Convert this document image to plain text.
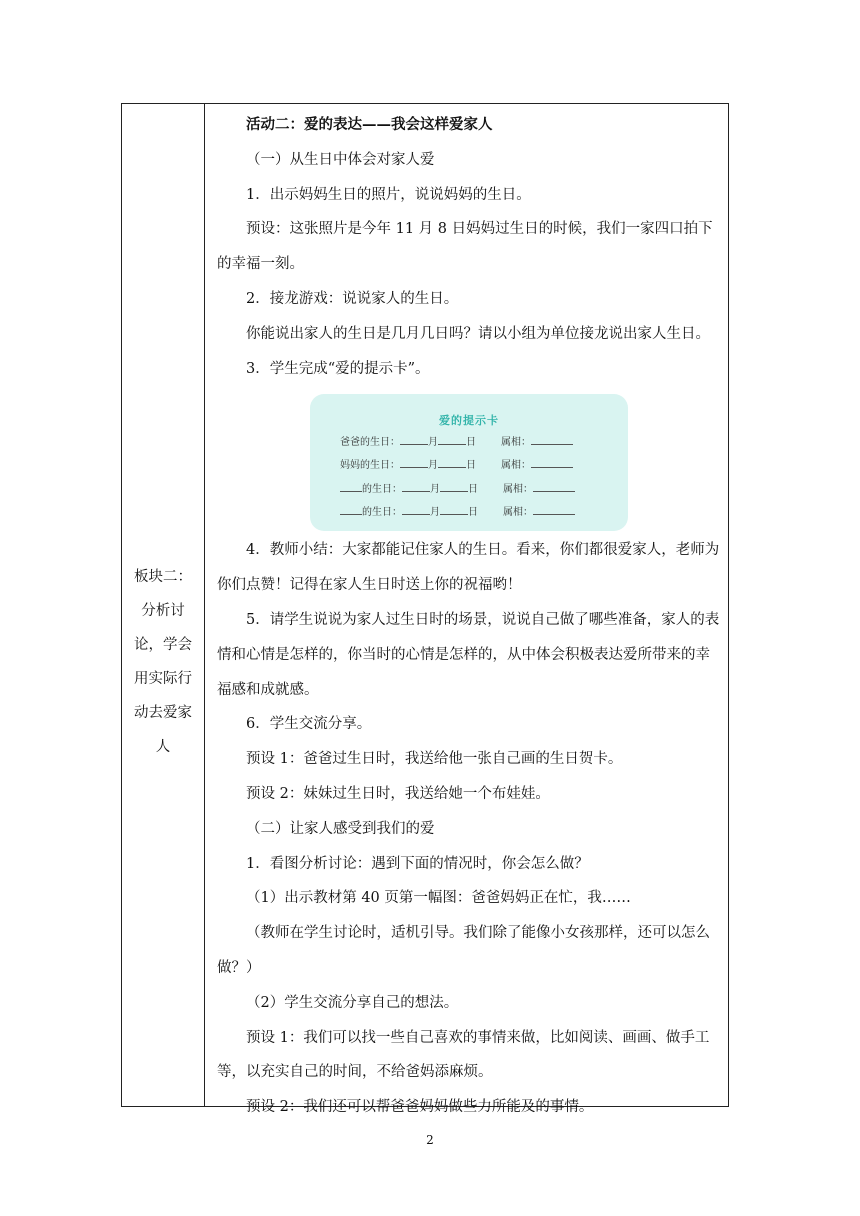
板块二：
分析讨
论，学会
用实际行
动去爱家
人

活动二：爱的表达——我会这样爱家人

（一）从生日中体会对家人爱

1．出示妈妈生日的照片，说说妈妈的生日。

预设：这张照片是今年 11 月 8 日妈妈过生日的时候，我们一家四口拍下的幸福一刻。

2．接龙游戏：说说家人的生日。

你能说出家人的生日是几月几日吗？请以小组为单位接龙说出家人生日。

3．学生完成“爱的提示卡”。

爱的提示卡
爸爸的生日：	月	日	属相：
妈妈的生日：	月	日	属相：
的生日：	月	日	属相：
的生日：	月	日	属相：

4．教师小结：大家都能记住家人的生日。看来，你们都很爱家人，老师为你们点赞！记得在家人生日时送上你的祝福哟！

5．请学生说说为家人过生日时的场景，说说自己做了哪些准备，家人的表情和心情是怎样的，你当时的心情是怎样的，从中体会积极表达爱所带来的幸福感和成就感。

6．学生交流分享。

预设 1：爸爸过生日时，我送给他一张自己画的生日贺卡。

预设 2：妹妹过生日时，我送给她一个布娃娃。

（二）让家人感受到我们的爱

1．看图分析讨论：遇到下面的情况时，你会怎么做？

（1）出示教材第 40 页第一幅图：爸爸妈妈正在忙，我……

（教师在学生讨论时，适机引导。我们除了能像小女孩那样，还可以怎么做？）

（2）学生交流分享自己的想法。

预设 1：我们可以找一些自己喜欢的事情来做，比如阅读、画画、做手工等，以充实自己的时间，不给爸妈添麻烦。

预设 2：我们还可以帮爸爸妈妈做些力所能及的事情。

2
